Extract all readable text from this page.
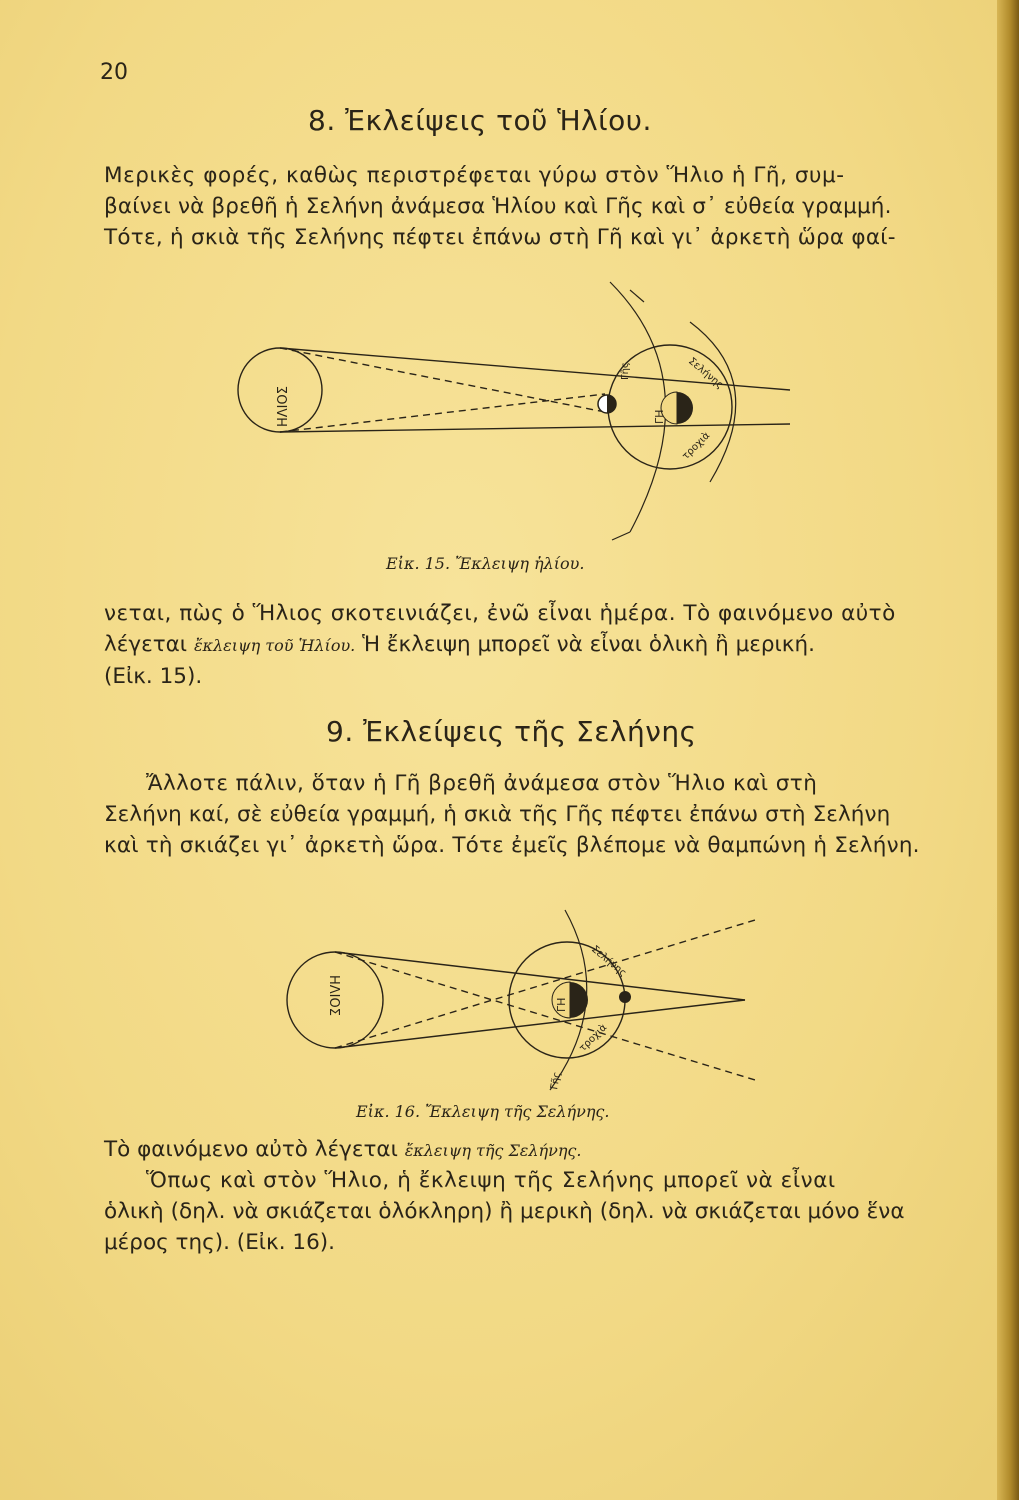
20
8. Ἐκλείψεις τοῦ Ἡλίου.
Μερικὲς φορές, καθὼς περιστρέφεται γύρω στὸν Ἥλιο ἡ Γῆ, συμ-
βαίνει νὰ βρεθῆ ἡ Σελήνη ἀνάμεσα Ἡλίου καὶ Γῆς καὶ σ᾽ εὐθεία γραμμή.
Τότε, ἡ σκιὰ τῆς Σελήνης πέφτει ἐπάνω στὴ Γῆ καὶ γι᾽ ἀρκετὴ ὥρα φαί-
ΗΛΙΟΣ	ΓΗ
Γῆς	Σελήνης
τροχιὰ
Εἰκ. 15. Ἔκλειψη ἡλίου.
νεται, πὼς ὁ Ἥλιος σκοτεινιάζει, ἐνῶ εἶναι ἡμέρα. Τὸ φαινόμενο αὐτὸ
λέγεται ἔκλειψη τοῦ Ἡλίου. Ἡ ἔκλειψη μπορεῖ νὰ εἶναι ὁλικὴ ἢ μερική.
(Εἰκ. 15).
9. Ἐκλείψεις τῆς Σελήνης
Ἄλλοτε πάλιν, ὅταν ἡ Γῆ βρεθῆ ἀνάμεσα στὸν Ἥλιο καὶ στὴ
Σελήνη καί, σὲ εὐθεία γραμμή, ἡ σκιὰ τῆς Γῆς πέφτει ἐπάνω στὴ Σελήνη
καὶ τὴ σκιάζει γι᾽ ἀρκετὴ ὥρα. Τότε ἐμεῖς βλέπομε νὰ θαμπώνη ἡ Σελήνη.
ΗΛΙΟΣ	ΓΗ
Γῆς
Σελήνης
τροχιὰ
Εἰκ. 16. Ἔκλειψη τῆς Σελήνης.
Τὸ φαινόμενο αὐτὸ λέγεται ἔκλειψη τῆς Σελήνης.
Ὅπως καὶ στὸν Ἥλιο, ἡ ἔκλειψη τῆς Σελήνης μπορεῖ νὰ εἶναι
ὁλικὴ (δηλ. νὰ σκιάζεται ὁλόκληρη) ἢ μερικὴ (δηλ. νὰ σκιάζεται μόνο ἕνα
μέρος της). (Εἰκ. 16).
